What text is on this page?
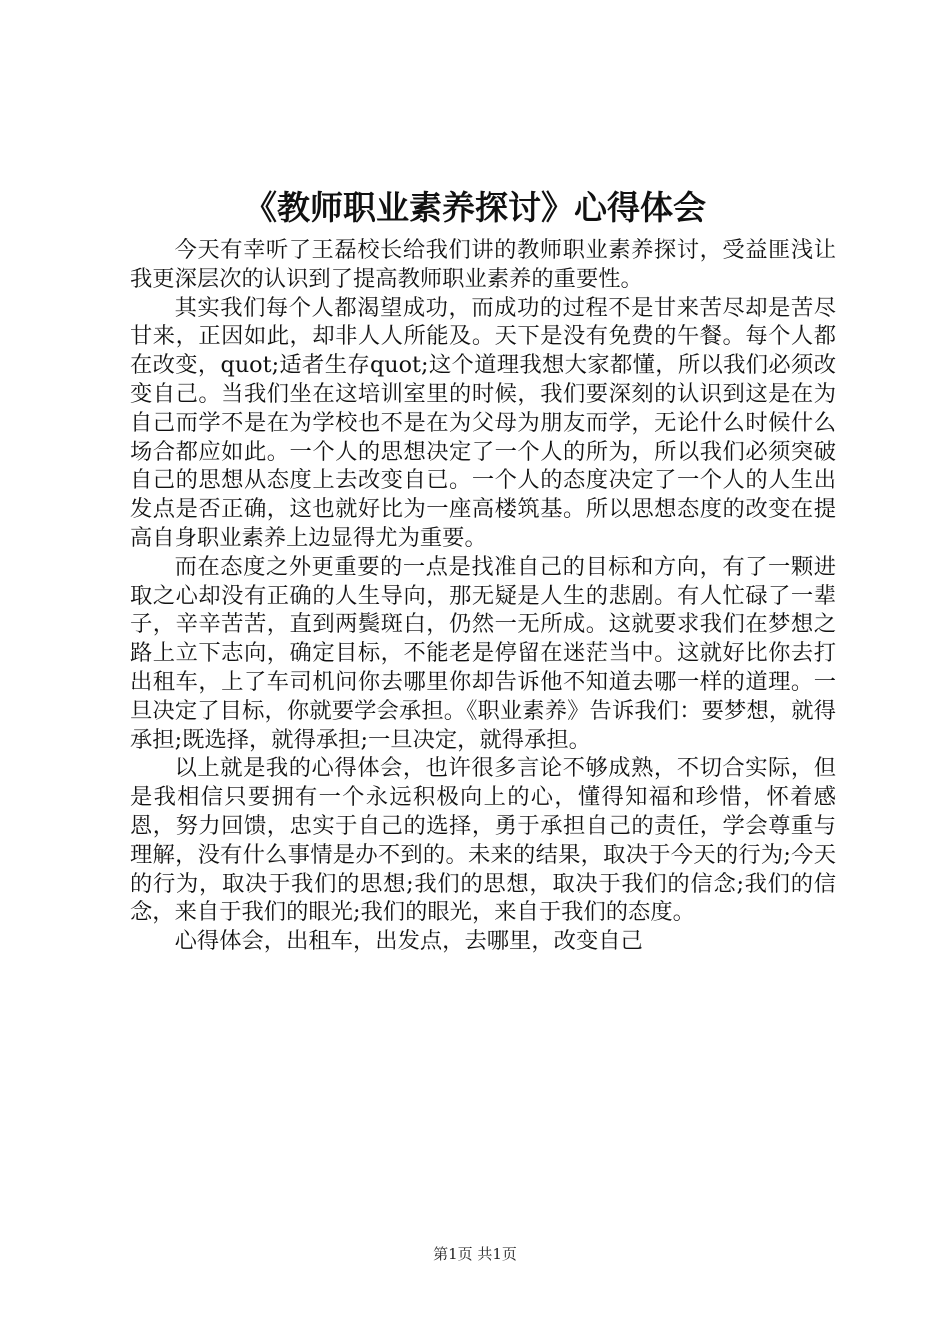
《教师职业素养探讨》心得体会

今天有幸听了王磊校长给我们讲的教师职业素养探讨，受益匪浅让我更深层次的认识到了提高教师职业素养的重要性。

其实我们每个人都渴望成功，而成功的过程不是甘来苦尽却是苦尽甘来，正因如此，却非人人所能及。天下是没有免费的午餐。每个人都在改变，quot;适者生存quot;这个道理我想大家都懂，所以我们必须改变自己。当我们坐在这培训室里的时候，我们要深刻的认识到这是在为自己而学不是在为学校也不是在为父母为朋友而学，无论什么时候什么场合都应如此。一个人的思想决定了一个人的所为，所以我们必须突破自己的思想从态度上去改变自已。一个人的态度决定了一个人的人生出发点是否正确，这也就好比为一座高楼筑基。所以思想态度的改变在提高自身职业素养上边显得尤为重要。

而在态度之外更重要的一点是找准自己的目标和方向，有了一颗进取之心却没有正确的人生导向，那无疑是人生的悲剧。有人忙碌了一辈子，辛辛苦苦，直到两鬓斑白，仍然一无所成。这就要求我们在梦想之路上立下志向，确定目标，不能老是停留在迷茫当中。这就好比你去打出租车，上了车司机问你去哪里你却告诉他不知道去哪一样的道理。一旦决定了目标，你就要学会承担。《职业素养》告诉我们：要梦想，就得承担;既选择，就得承担;一旦决定，就得承担。

以上就是我的心得体会，也许很多言论不够成熟，不切合实际，但是我相信只要拥有一个永远积极向上的心，懂得知福和珍惜，怀着感恩，努力回馈，忠实于自己的选择，勇于承担自己的责任，学会尊重与理解，没有什么事情是办不到的。未来的结果，取决于今天的行为;今天的行为，取决于我们的思想;我们的思想，取决于我们的信念;我们的信念，来自于我们的眼光;我们的眼光，来自于我们的态度。

心得体会，出租车，出发点，去哪里，改变自己

第1页 共1页
